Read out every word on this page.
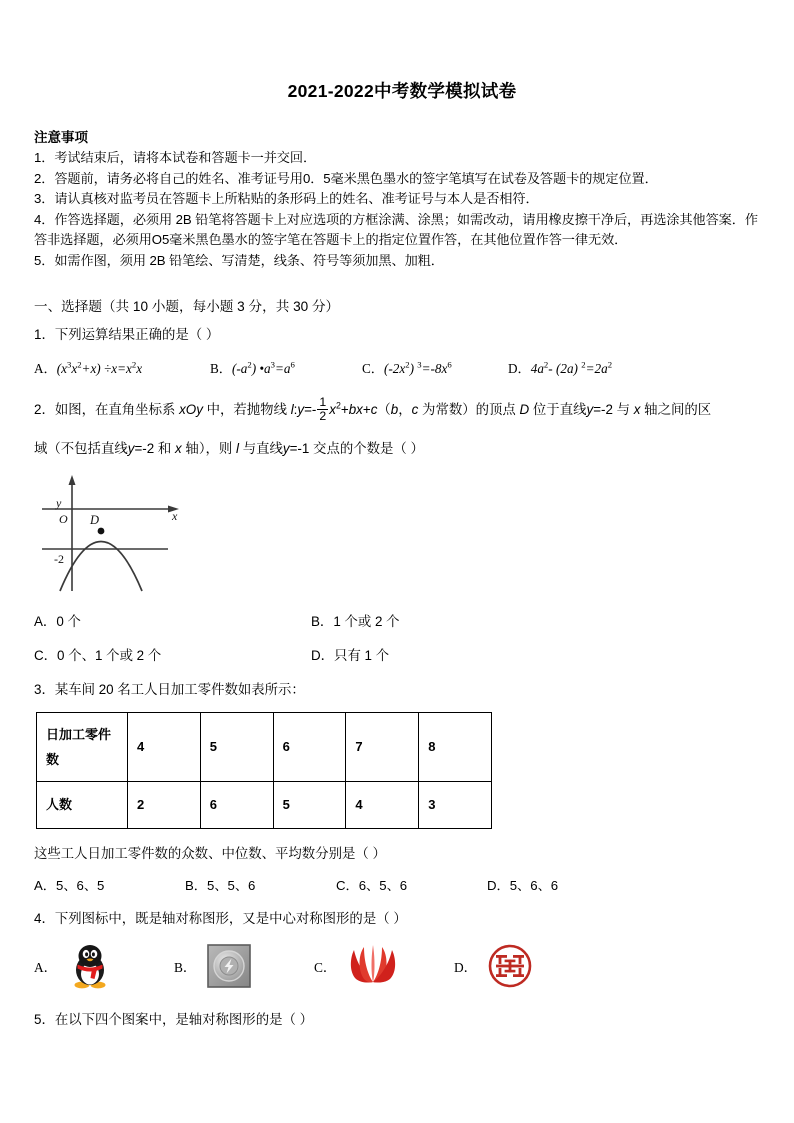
2021-2022中考数学模拟试卷
注意事项

1．考试结束后，请将本试卷和答题卡一并交回．

2．答题前，请务必将自己的姓名、准考证号用0．5毫米黑色墨水的签字笔填写在试卷及答题卡的规定位置．

3．请认真核对监考员在答题卡上所粘贴的条形码上的姓名、准考证号与本人是否相符．

4．作答选择题，必须用 2B 铅笔将答题卡上对应选项的方框涂满、涂黑；如需改动，请用橡皮擦干净后，再选涂其他答案．作答非选择题，必须用O5毫米黑色墨水的签字笔在答题卡上的指定位置作答，在其他位置作答一律无效．

5．如需作图，须用 2B 铅笔绘、写清楚，线条、符号等须加黑、加粗．

一、选择题（共 10 小题，每小题 3 分，共 30 分）

1．下列运算结果正确的是（ ）

A．$(x^3x^2+x) \div x=x^2x$	B．$(-a^2)$ $•a^3=a^6$	C．$(-2x^2)$ $^3=-8x^6$	D．$4a^2-$ (2a) $^2=2a^2$

2．如图，在直角坐标系 xOy 中，若抛物线 l:y=- $\frac{1}{2} x^2+bx+c(b$，c 为常数）的顶点 D 位于直线y=-2 与 x 轴之间的区

域（不包括直线y=-2 和 x 轴），则 l 与直线y=-1 交点的个数是（ ）

y
x
O D
-2
A．0 个	B．1 个或 2 个
C．0 个、1 个或 2 个	D．只有 1 个

3．某车间 20 名工人日加工零件数如表所示：

日加工零件数	4	5	6	7	8
人数	2	6	5	4	3

这些工人日加工零件数的众数、中位数、平均数分别是（ ）

A．5、6、5	B．5、5、6	C．6、5、6	D．5、6、6

4．下列图标中，既是轴对称图形，又是中心对称图形的是（ ）

A．	B．	C．	D．

5．在以下四个图案中，是轴对称图形的是（ ）
